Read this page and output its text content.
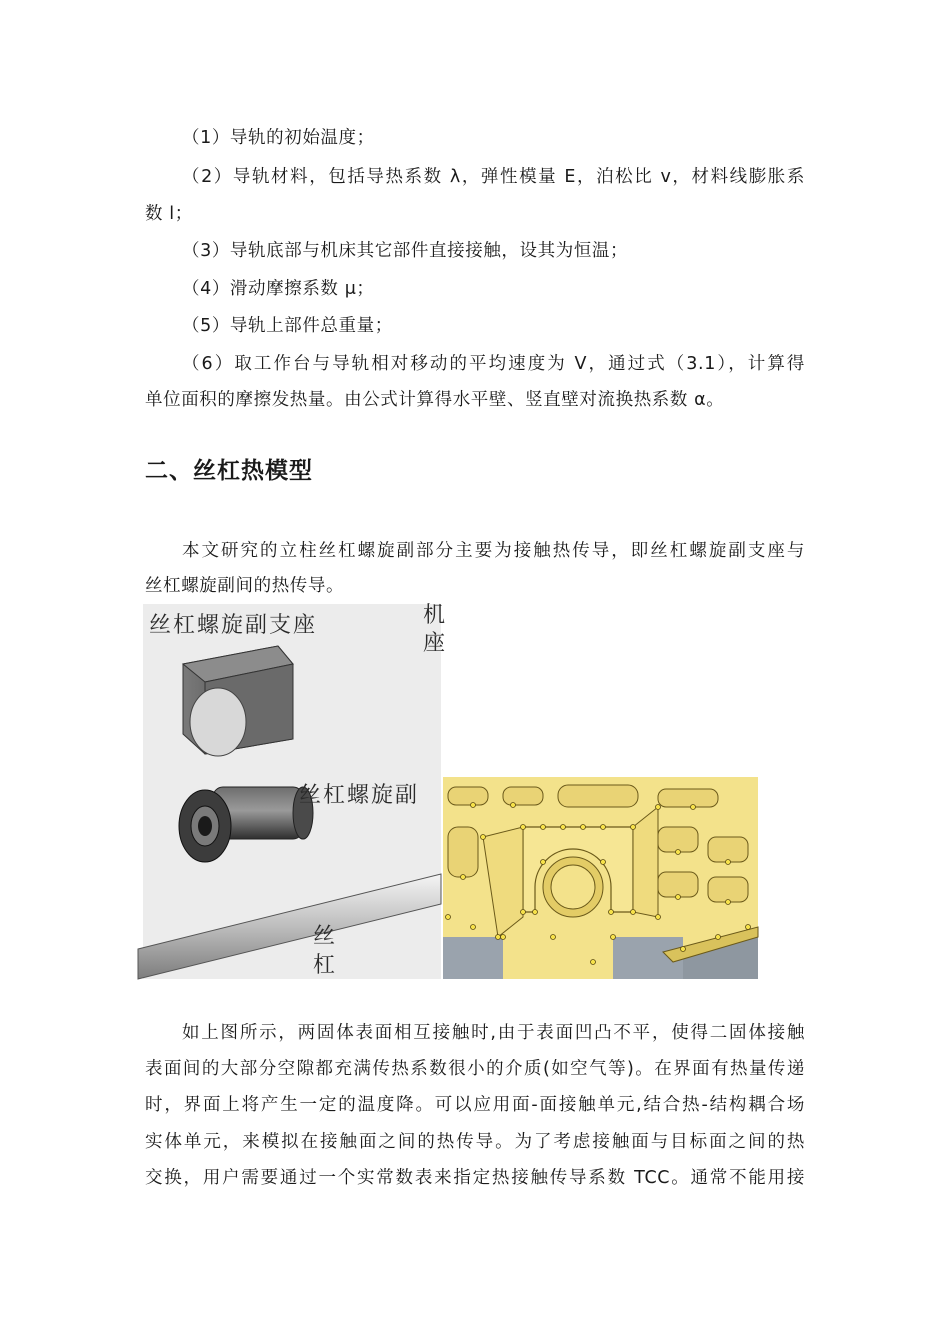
（1）导轨的初始温度；
（2）导轨材料，包括导热系数 λ，弹性模量 E，泊松比 v，材料线膨胀系
数 l；
（3）导轨底部与机床其它部件直接接触，设其为恒温；
（4）滑动摩擦系数 μ；
（5）导轨上部件总重量；
（6）取工作台与导轨相对移动的平均速度为 V，通过式（3.1），计算得
单位面积的摩擦发热量。由公式计算得水平壁、竖直壁对流换热系数 α。
二、丝杠热模型
本文研究的立柱丝杠螺旋副部分主要为接触热传导，即丝杠螺旋副支座与
丝杠螺旋副间的热传导。
丝杠螺旋副支座
丝杠螺旋副
丝
杠
机
座
如上图所示，两固体表面相互接触时,由于表面凹凸不平，使得二固体接触
表面间的大部分空隙都充满传热系数很小的介质(如空气等)。在界面有热量传递
时，界面上将产生一定的温度降。可以应用面-面接触单元,结合热-结构耦合场
实体单元，来模拟在接触面之间的热传导。为了考虑接触面与目标面之间的热
交换，用户需要通过一个实常数表来指定热接触传导系数 TCC。通常不能用接
